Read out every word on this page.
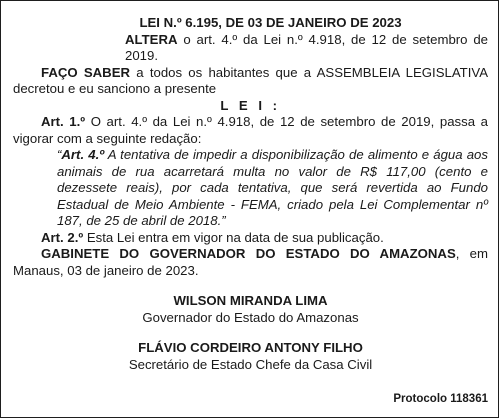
LEI N.º 6.195, DE 03 DE JANEIRO DE 2023

ALTERA o art. 4.º da Lei n.º 4.918, de 12 de setembro de 2019.

FAÇO SABER a todos os habitantes que a ASSEMBLEIA LEGISLATIVA decretou e eu sanciono a presente

L E I :

Art. 1.º O art. 4.º da Lei n.º 4.918, de 12 de setembro de 2019, passa a vigorar com a seguinte redação:

“Art. 4.º A tentativa de impedir a disponibilização de alimento e água aos animais de rua acarretará multa no valor de R$ 117,00 (cento e dezessete reais), por cada tentativa, que será revertida ao Fundo Estadual de Meio Ambiente - FEMA, criado pela Lei Complementar nº 187, de 25 de abril de 2018.”

Art. 2.º Esta Lei entra em vigor na data de sua publicação.

GABINETE DO GOVERNADOR DO ESTADO DO AMAZONAS, em Manaus, 03 de janeiro de 2023.

WILSON MIRANDA LIMA
Governador do Estado do Amazonas
FLÁVIO CORDEIRO ANTONY FILHO
Secretário de Estado Chefe da Casa Civil
Protocolo 118361
